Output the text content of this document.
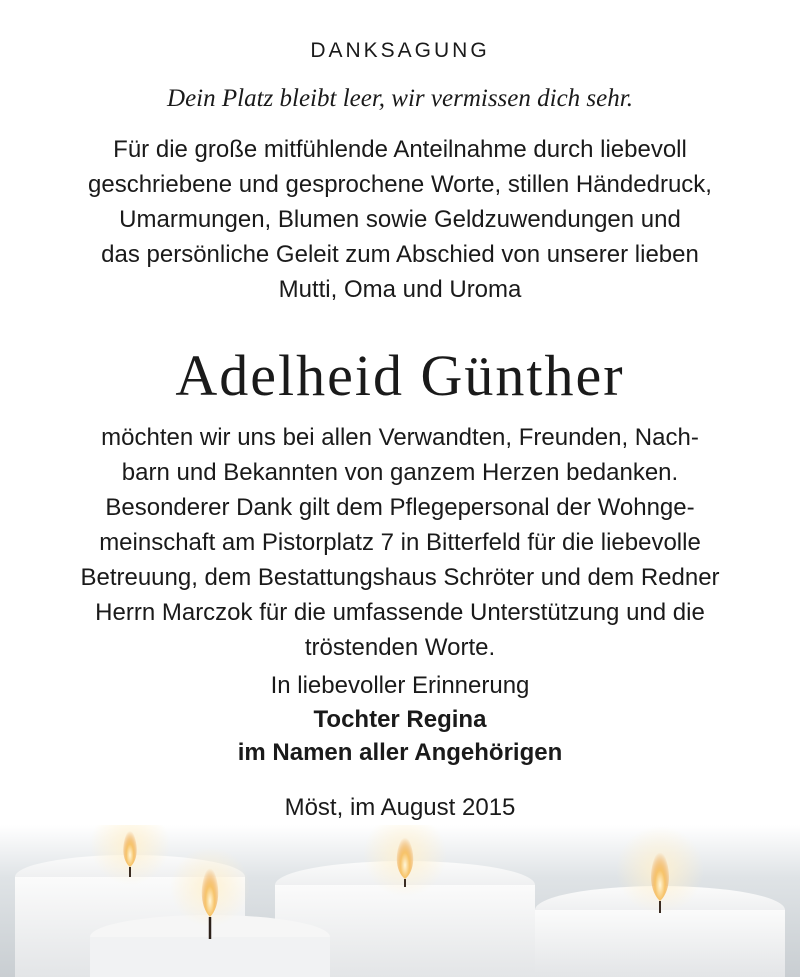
DANKSAGUNG
Dein Platz bleibt leer, wir vermissen dich sehr.
Für die große mitfühlende Anteilnahme durch liebevoll
geschriebene und gesprochene Worte, stillen Händedruck,
Umarmungen, Blumen sowie Geldzuwendungen und
das persönliche Geleit zum Abschied von unserer lieben
Mutti, Oma und Uroma
Adelheid Günther
möchten wir uns bei allen Verwandten, Freunden, Nach-
barn und Bekannten von ganzem Herzen bedanken.
Besonderer Dank gilt dem Pflegepersonal der Wohnge-
meinschaft am Pistorplatz 7 in Bitterfeld für die liebevolle
Betreuung, dem Bestattungshaus Schröter und dem Redner
Herrn Marczok für die umfassende Unterstützung und die
tröstenden Worte.
In liebevoller Erinnerung
Tochter Regina
im Namen aller Angehörigen
Möst, im August 2015
